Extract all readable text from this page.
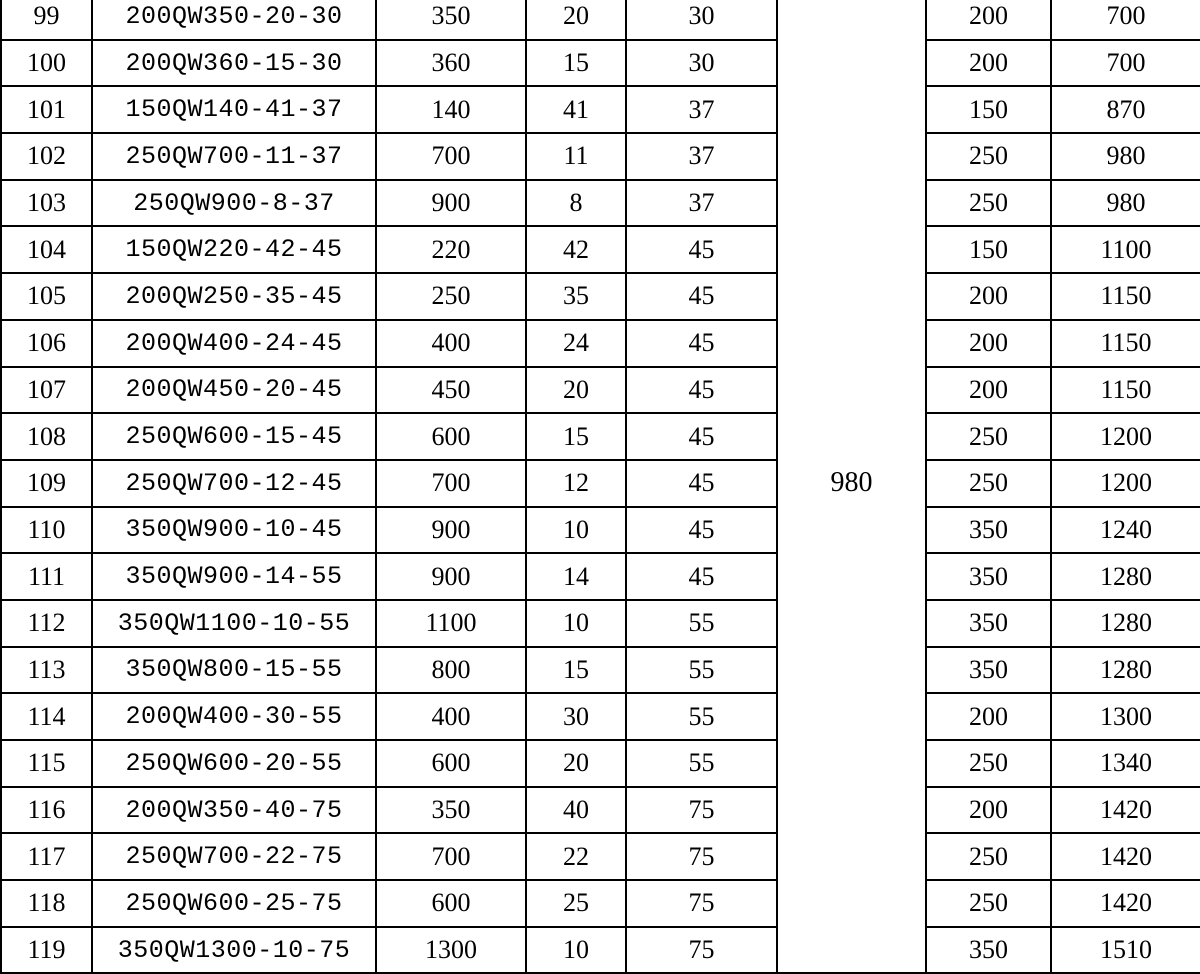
99	200QW350-20-30	350	20	30	980	200	700
100	200QW360-15-30	360	15	30		200	700
101	150QW140-41-37	140	41	37		150	870
102	250QW700-11-37	700	11	37		250	980
103	250QW900-8-37	900	8	37		250	980
104	150QW220-42-45	220	42	45		150	1100
105	200QW250-35-45	250	35	45		200	1150
106	200QW400-24-45	400	24	45		200	1150
107	200QW450-20-45	450	20	45		200	1150
108	250QW600-15-45	600	15	45		250	1200
109	250QW700-12-45	700	12	45		250	1200
110	350QW900-10-45	900	10	45		350	1240
111	350QW900-14-55	900	14	45		350	1280
112	350QW1100-10-55	1100	10	55		350	1280
113	350QW800-15-55	800	15	55		350	1280
114	200QW400-30-55	400	30	55		200	1300
115	250QW600-20-55	600	20	55		250	1340
116	200QW350-40-75	350	40	75		200	1420
117	250QW700-22-75	700	22	75		250	1420
118	250QW600-25-75	600	25	75		250	1420
119	350QW1300-10-75	1300	10	75		350	1510
